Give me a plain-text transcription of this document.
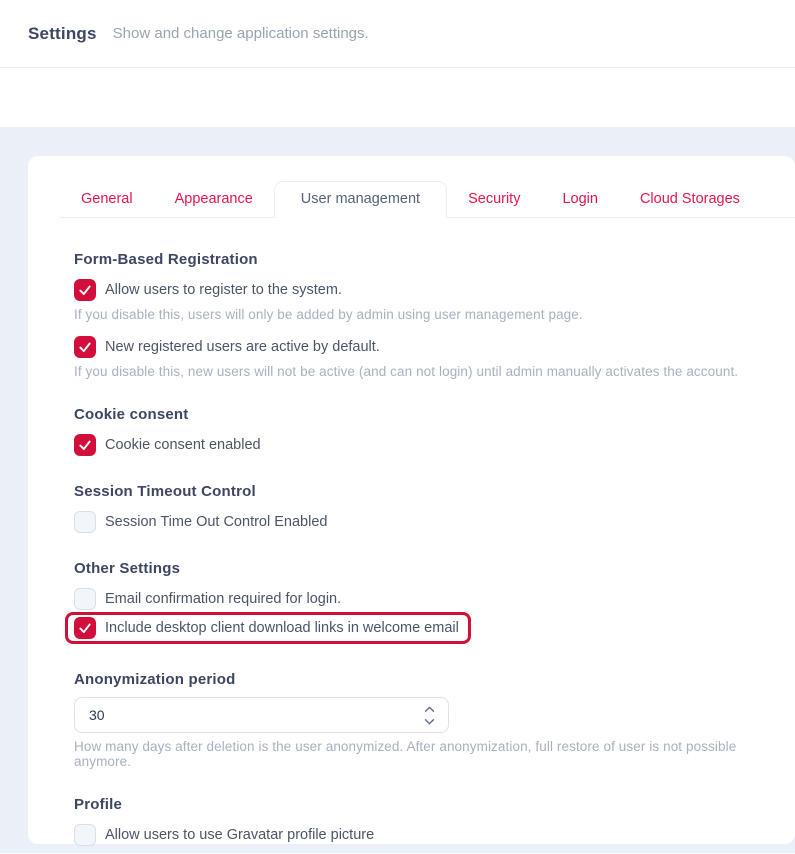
Settings Show and change application settings.
General	Appearance	User management	Security	Login	Cloud Storages
Form-Based Registration
Allow users to register to the system.
If you disable this, users will only be added by admin using user management page.
New registered users are active by default.
If you disable this, new users will not be active (and can not login) until admin manually activates the account.
Cookie consent
Cookie consent enabled
Session Timeout Control
Session Time Out Control Enabled
Other Settings
Email confirmation required for login.
Include desktop client download links in welcome email
Anonymization period
30
How many days after deletion is the user anonymized. After anonymization, full restore of user is not possible anymore.
Profile
Allow users to use Gravatar profile picture
